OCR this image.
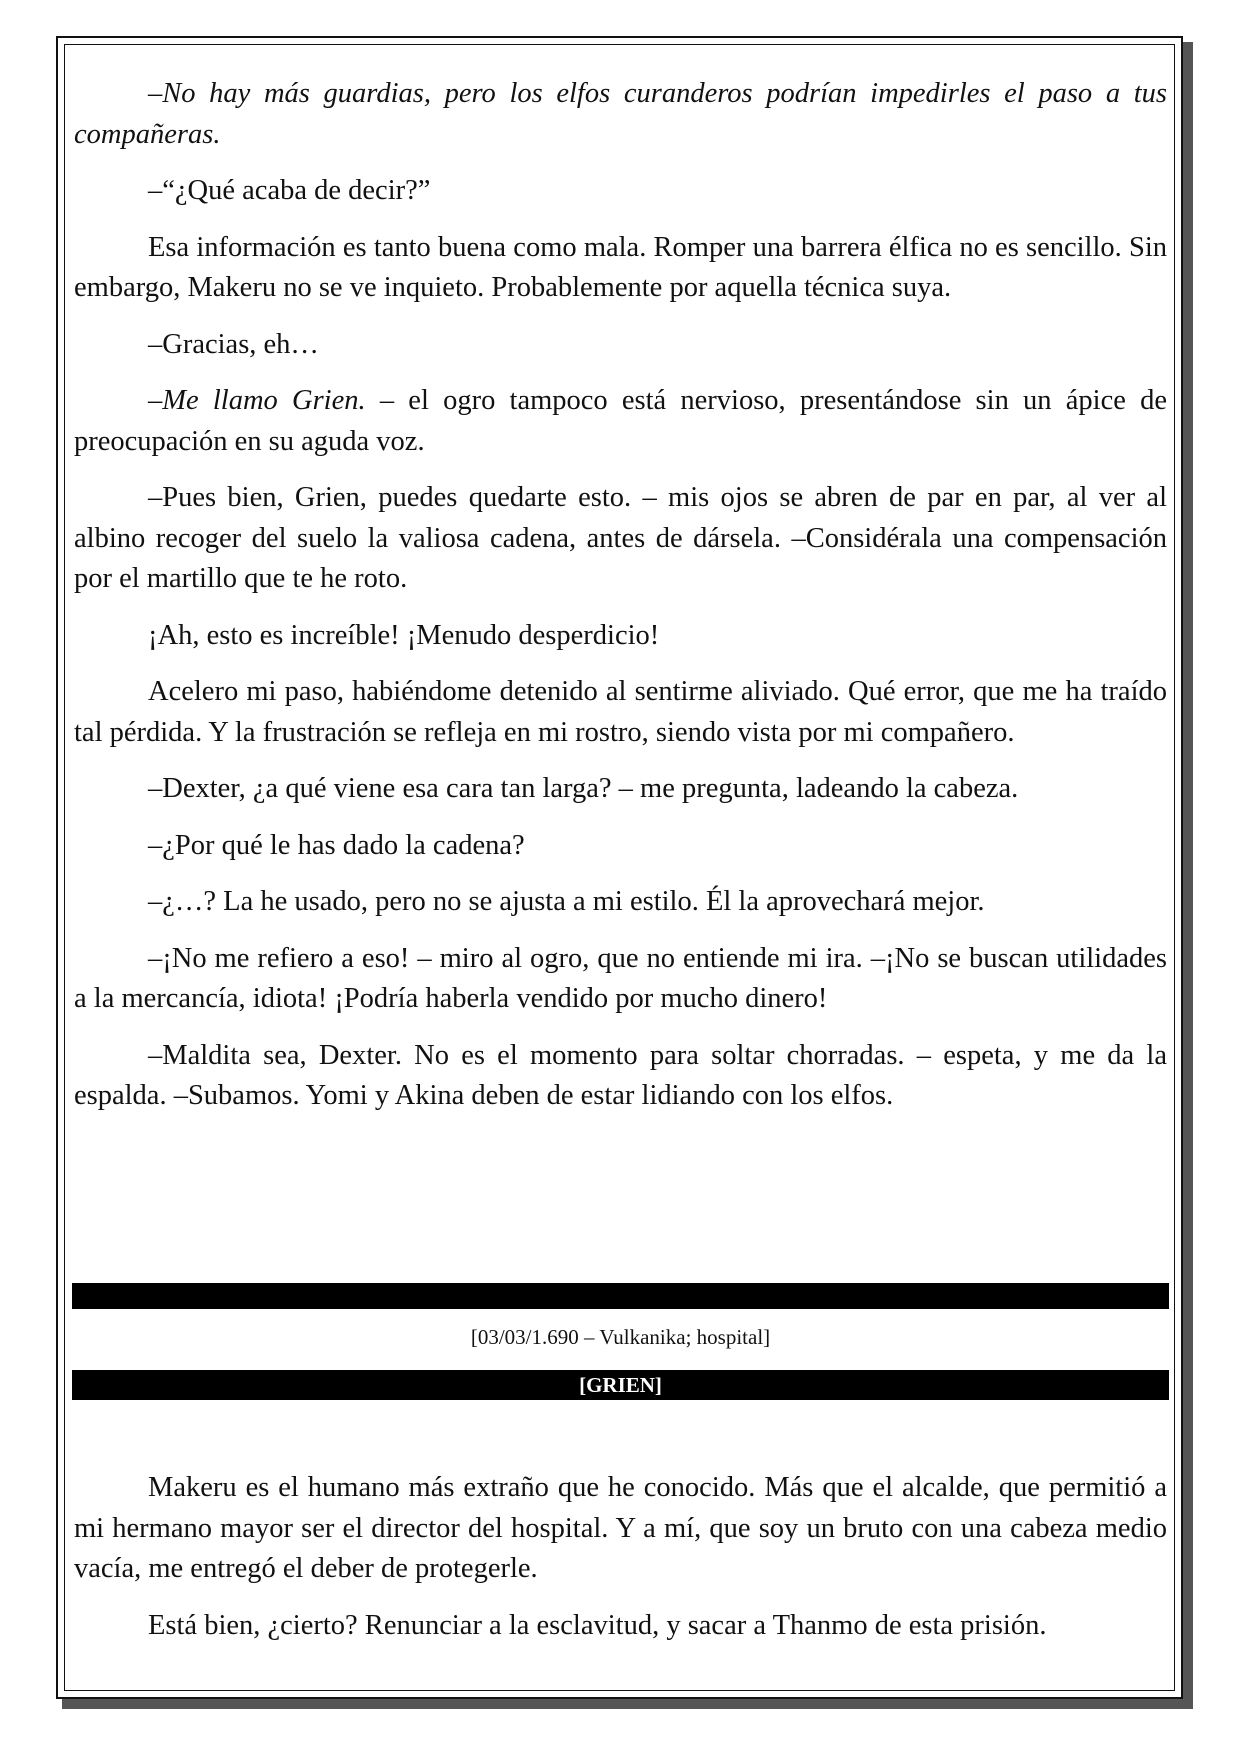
–No hay más guardias, pero los elfos curanderos podrían impedirles el paso a tus compañeras.

–“¿Qué acaba de decir?”

Esa información es tanto buena como mala. Romper una barrera élfica no es sencillo. Sin embargo, Makeru no se ve inquieto. Probablemente por aquella técnica suya.

–Gracias, eh…

–Me llamo Grien. – el ogro tampoco está nervioso, presentándose sin un ápice de preocupación en su aguda voz.

–Pues bien, Grien, puedes quedarte esto. – mis ojos se abren de par en par, al ver al albino recoger del suelo la valiosa cadena, antes de dársela. –Considérala una compensación por el martillo que te he roto.

¡Ah, esto es increíble! ¡Menudo desperdicio!

Acelero mi paso, habiéndome detenido al sentirme aliviado. Qué error, que me ha traído tal pérdida. Y la frustración se refleja en mi rostro, siendo vista por mi compañero.

–Dexter, ¿a qué viene esa cara tan larga? – me pregunta, ladeando la cabeza.

–¿Por qué le has dado la cadena?

–¿…? La he usado, pero no se ajusta a mi estilo. Él la aprovechará mejor.

–¡No me refiero a eso! – miro al ogro, que no entiende mi ira. –¡No se buscan utilidades a la mercancía, idiota! ¡Podría haberla vendido por mucho dinero!

–Maldita sea, Dexter. No es el momento para soltar chorradas. – espeta, y me da la espalda. –Subamos. Yomi y Akina deben de estar lidiando con los elfos.

[03/03/1.690 – Vulkanika; hospital]
[GRIEN]

Makeru es el humano más extraño que he conocido. Más que el alcalde, que permitió a mi hermano mayor ser el director del hospital. Y a mí, que soy un bruto con una cabeza medio vacía, me entregó el deber de protegerle.

Está bien, ¿cierto? Renunciar a la esclavitud, y sacar a Thanmo de esta prisión.
